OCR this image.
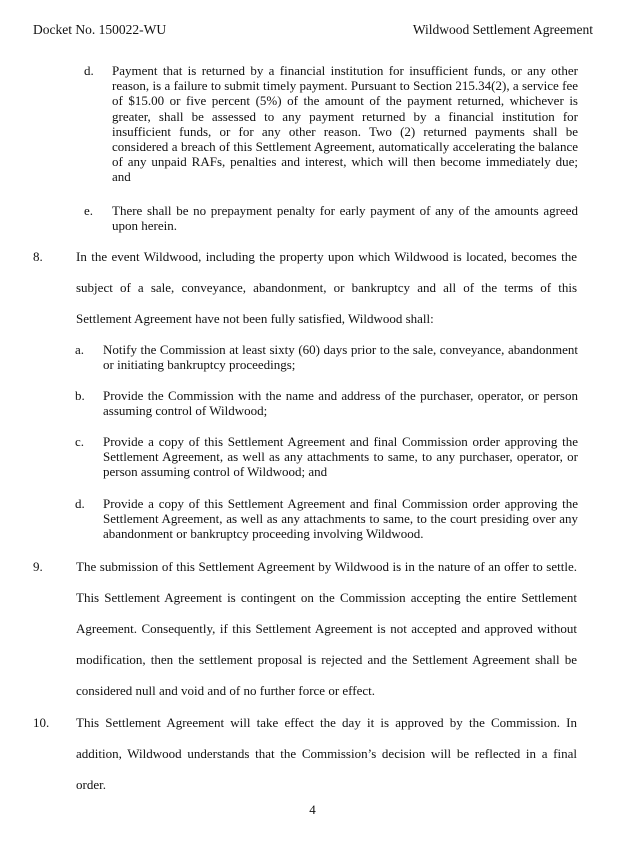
Docket No. 150022-WU	Wildwood Settlement Agreement
d. Payment that is returned by a financial institution for insufficient funds, or any other reason, is a failure to submit timely payment. Pursuant to Section 215.34(2), a service fee of $15.00 or five percent (5%) of the amount of the payment returned, whichever is greater, shall be assessed to any payment returned by a financial institution for insufficient funds, or for any other reason. Two (2) returned payments shall be considered a breach of this Settlement Agreement, automatically accelerating the balance of any unpaid RAFs, penalties and interest, which will then become immediately due; and
e. There shall be no prepayment penalty for early payment of any of the amounts agreed upon herein.
8.	In the event Wildwood, including the property upon which Wildwood is located, becomes the subject of a sale, conveyance, abandonment, or bankruptcy and all of the terms of this Settlement Agreement have not been fully satisfied, Wildwood shall:
a. Notify the Commission at least sixty (60) days prior to the sale, conveyance, abandonment or initiating bankruptcy proceedings;
b. Provide the Commission with the name and address of the purchaser, operator, or person assuming control of Wildwood;
c. Provide a copy of this Settlement Agreement and final Commission order approving the Settlement Agreement, as well as any attachments to same, to any purchaser, operator, or person assuming control of Wildwood; and
d. Provide a copy of this Settlement Agreement and final Commission order approving the Settlement Agreement, as well as any attachments to same, to the court presiding over any abandonment or bankruptcy proceeding involving Wildwood.
9.	The submission of this Settlement Agreement by Wildwood is in the nature of an offer to settle. This Settlement Agreement is contingent on the Commission accepting the entire Settlement Agreement. Consequently, if this Settlement Agreement is not accepted and approved without modification, then the settlement proposal is rejected and the Settlement Agreement shall be considered null and void and of no further force or effect.
10. This Settlement Agreement will take effect the day it is approved by the Commission. In addition, Wildwood understands that the Commission’s decision will be reflected in a final order.
4
